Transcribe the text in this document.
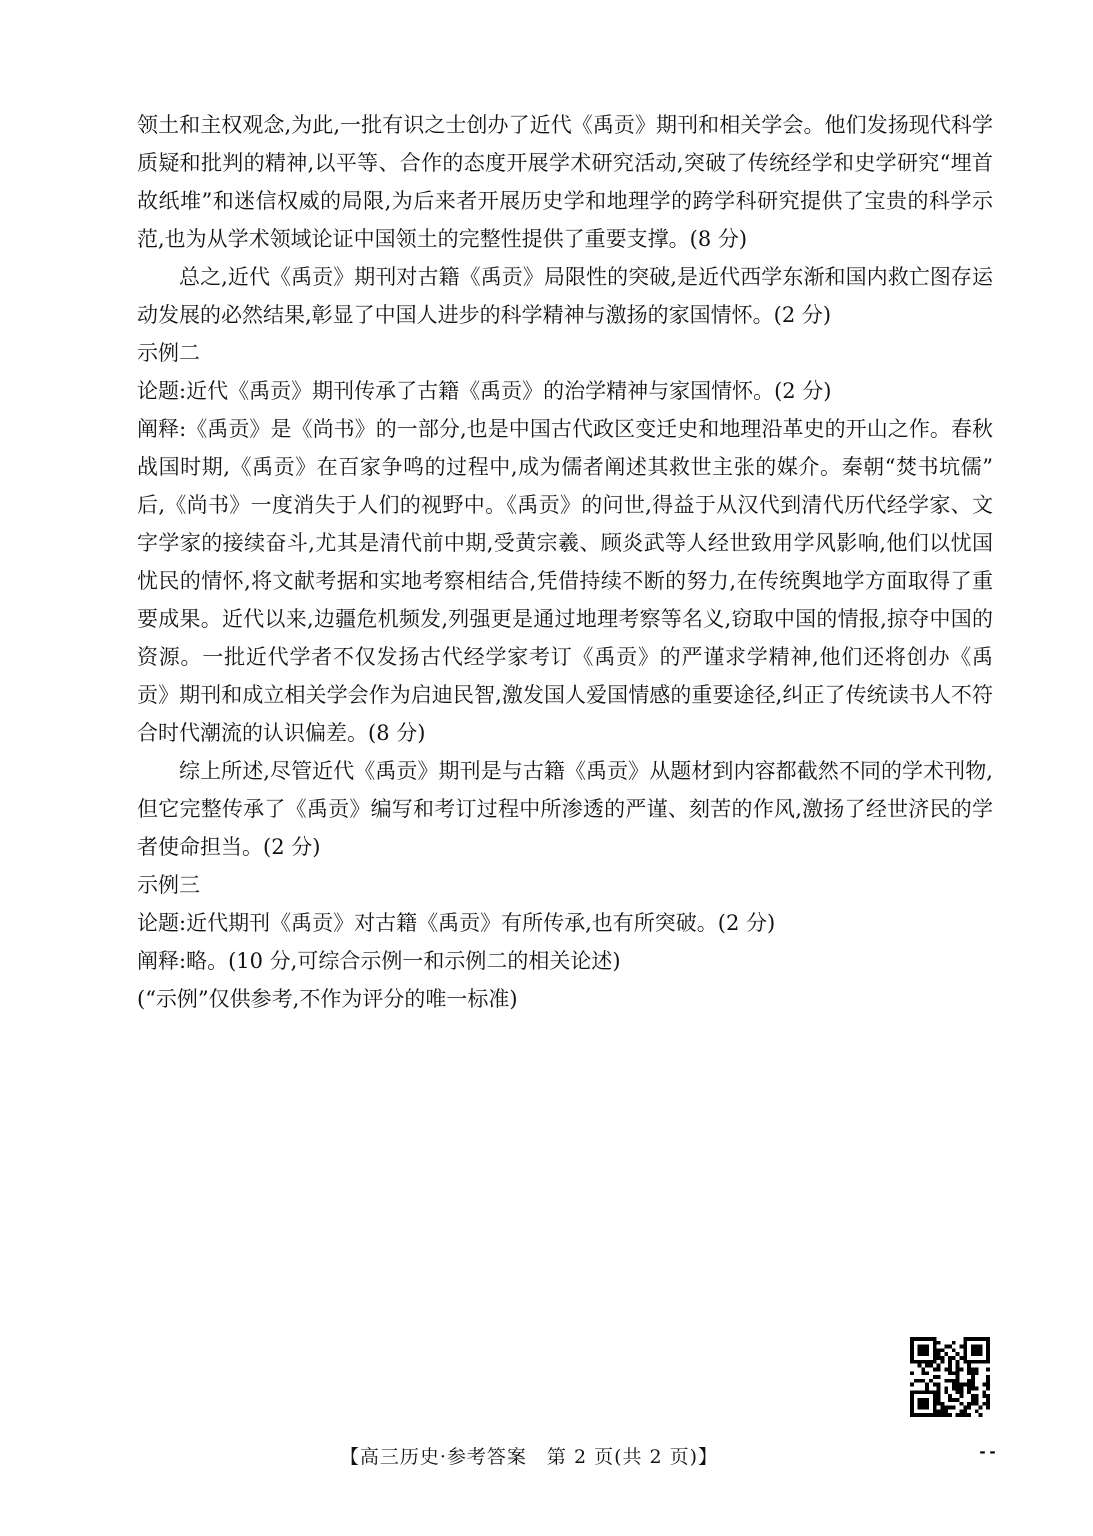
领土和主权观念,为此,一批有识之士创办了近代《禹贡》期刊和相关学会。他们发扬现代科学质疑和批判的精神,以平等、合作的态度开展学术研究活动,突破了传统经学和史学研究“埋首故纸堆”和迷信权威的局限,为后来者开展历史学和地理学的跨学科研究提供了宝贵的科学示范,也为从学术领域论证中国领土的完整性提供了重要支撑。(8 分)

总之,近代《禹贡》期刊对古籍《禹贡》局限性的突破,是近代西学东渐和国内救亡图存运动发展的必然结果,彰显了中国人进步的科学精神与激扬的家国情怀。(2 分)

示例二

论题:近代《禹贡》期刊传承了古籍《禹贡》的治学精神与家国情怀。(2 分)

阐释:《禹贡》是《尚书》的一部分,也是中国古代政区变迁史和地理沿革史的开山之作。春秋战国时期,《禹贡》在百家争鸣的过程中,成为儒者阐述其救世主张的媒介。秦朝“焚书坑儒”后,《尚书》一度消失于人们的视野中。《禹贡》的问世,得益于从汉代到清代历代经学家、文字学家的接续奋斗,尤其是清代前中期,受黄宗羲、顾炎武等人经世致用学风影响,他们以忧国忧民的情怀,将文献考据和实地考察相结合,凭借持续不断的努力,在传统舆地学方面取得了重要成果。近代以来,边疆危机频发,列强更是通过地理考察等名义,窃取中国的情报,掠夺中国的资源。一批近代学者不仅发扬古代经学家考订《禹贡》的严谨求学精神,他们还将创办《禹贡》期刊和成立相关学会作为启迪民智,激发国人爱国情感的重要途径,纠正了传统读书人不符合时代潮流的认识偏差。(8 分)

综上所述,尽管近代《禹贡》期刊是与古籍《禹贡》从题材到内容都截然不同的学术刊物,但它完整传承了《禹贡》编写和考订过程中所渗透的严谨、刻苦的作风,激扬了经世济民的学者使命担当。(2 分)

示例三

论题:近代期刊《禹贡》对古籍《禹贡》有所传承,也有所突破。(2 分)

阐释:略。(10 分,可综合示例一和示例二的相关论述)

(“示例”仅供参考,不作为评分的唯一标准)

--
【高三历史·参考答案　第 2 页(共 2 页)】
